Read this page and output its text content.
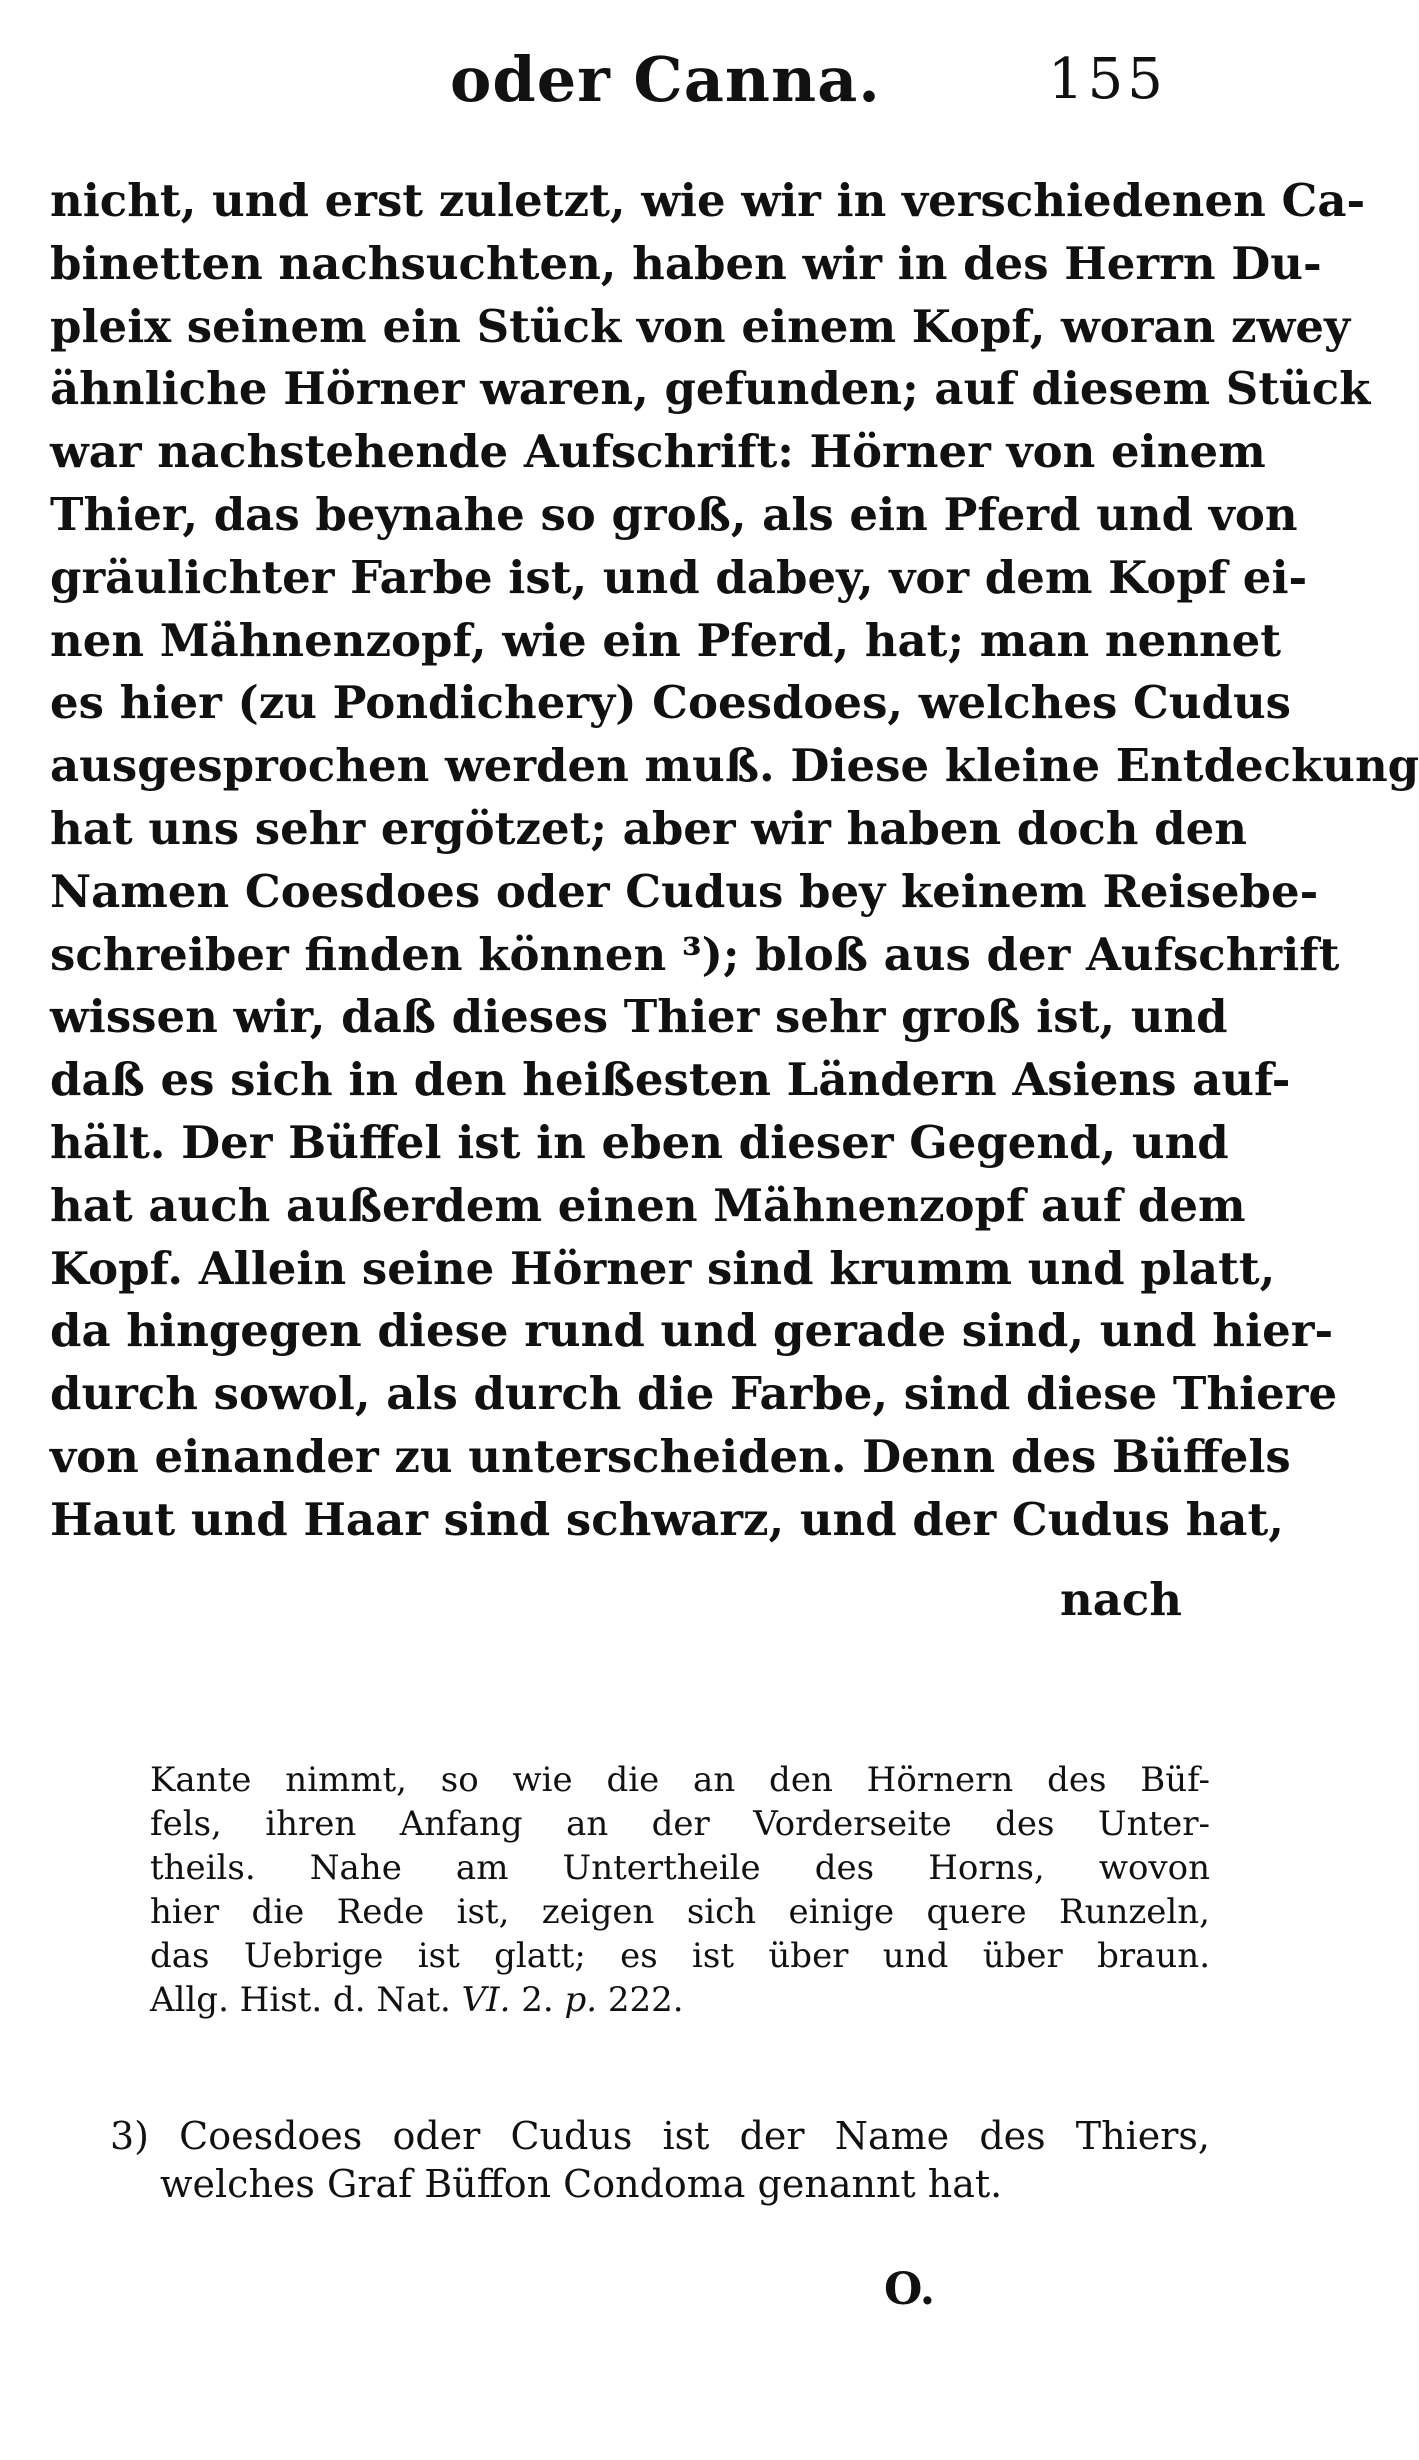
oder Canna.	155
nicht, und erst zuletzt, wie wir in verschiedenen Ca-
binetten nachsuchten, haben wir in des Herrn Du-
pleix seinem ein Stück von einem Kopf, woran zwey
ähnliche Hörner waren, gefunden; auf diesem Stück
war nachstehende Aufschrift: Hörner von einem
Thier, das beynahe so groß, als ein Pferd und von
gräulichter Farbe ist, und dabey, vor dem Kopf ei-
nen Mähnenzopf, wie ein Pferd, hat; man nennet
es hier (zu Pondichery) Coesdoes, welches Cudus
ausgesprochen werden muß. Diese kleine Entdeckung
hat uns sehr ergötzet; aber wir haben doch den
Namen Coesdoes oder Cudus bey keinem Reisebe-
schreiber finden können ³); bloß aus der Aufschrift
wissen wir, daß dieses Thier sehr groß ist, und
daß es sich in den heißesten Ländern Asiens auf-
hält. Der Büffel ist in eben dieser Gegend, und
hat auch außerdem einen Mähnenzopf auf dem
Kopf. Allein seine Hörner sind krumm und platt,
da hingegen diese rund und gerade sind, und hier-
durch sowol, als durch die Farbe, sind diese Thiere
von einander zu unterscheiden. Denn des Büffels
Haut und Haar sind schwarz, und der Cudus hat,
nach
Kante nimmt, so wie die an den Hörnern des Büf-
fels, ihren Anfang an der Vorderseite des Unter-
theils. Nahe am Untertheile des Horns, wovon
hier die Rede ist, zeigen sich einige quere Runzeln,
das Uebrige ist glatt; es ist über und über braun.
Allg. Hist. d. Nat. VI. 2. p. 222.
3) Coesdoes oder Cudus ist der Name des Thiers,
welches Graf Büffon Condoma genannt hat.
O.
